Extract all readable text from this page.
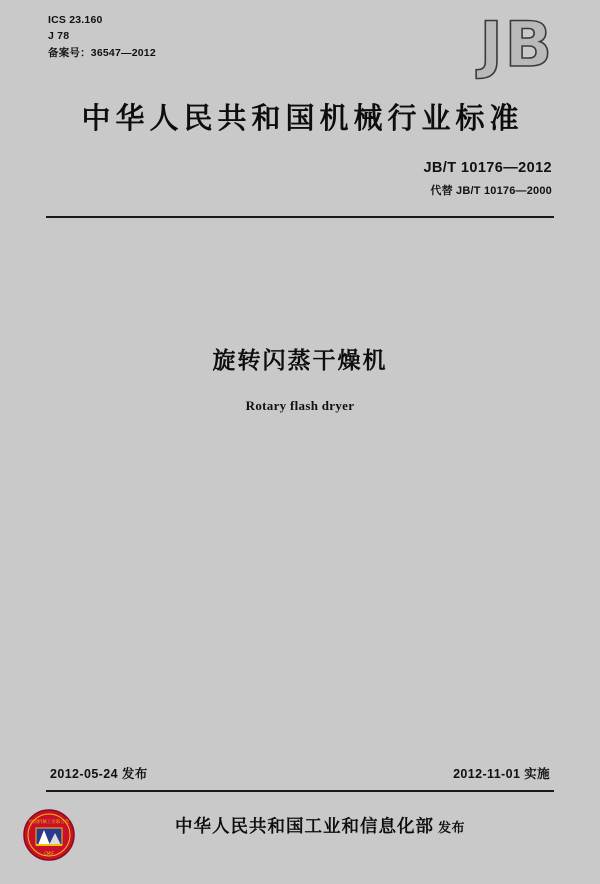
ICS 23.160
J 78
备案号：36547—2012	JB
中华人民共和国机械行业标准
JB/T 10176—2012
代替 JB/T 10176—2000
旋转闪蒸干燥机
Rotary flash dryer
2012-05-24 发布	2012-11-01 实施
中华人民共和国工业和信息化部 发布
中国机械工业联合会
CMIF
